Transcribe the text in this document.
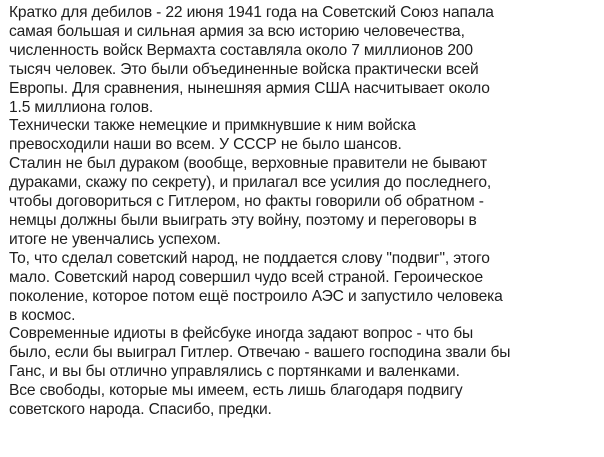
Кратко для дебилов - 22 июня 1941 года на Советский Союз напала
самая большая и сильная армия за всю историю человечества,
численность войск Вермахта составляла около 7 миллионов 200
тысяч человек. Это были объединенные войска практически всей
Европы. Для сравнения, нынешняя армия США насчитывает около
1.5 миллиона голов.
Технически также немецкие и примкнувшие к ним войска
превосходили наши во всем. У СССР не было шансов.
Сталин не был дураком (вообще, верховные правители не бывают
дураками, скажу по секрету), и прилагал все усилия до последнего,
чтобы договориться с Гитлером, но факты говорили об обратном -
немцы должны были выиграть эту войну, поэтому и переговоры в
итоге не увенчались успехом.
То, что сделал советский народ, не поддается слову "подвиг", этого
мало. Советский народ совершил чудо всей страной. Героическое
поколение, которое потом ещё построило АЭС и запустило человека
в космос.
Современные идиоты в фейсбуке иногда задают вопрос - что бы
было, если бы выиграл Гитлер. Отвечаю - вашего господина звали бы
Ганс, и вы бы отлично управлялись с портянками и валенками.
Все свободы, которые мы имеем, есть лишь благодаря подвигу
советского народа. Спасибо, предки.
